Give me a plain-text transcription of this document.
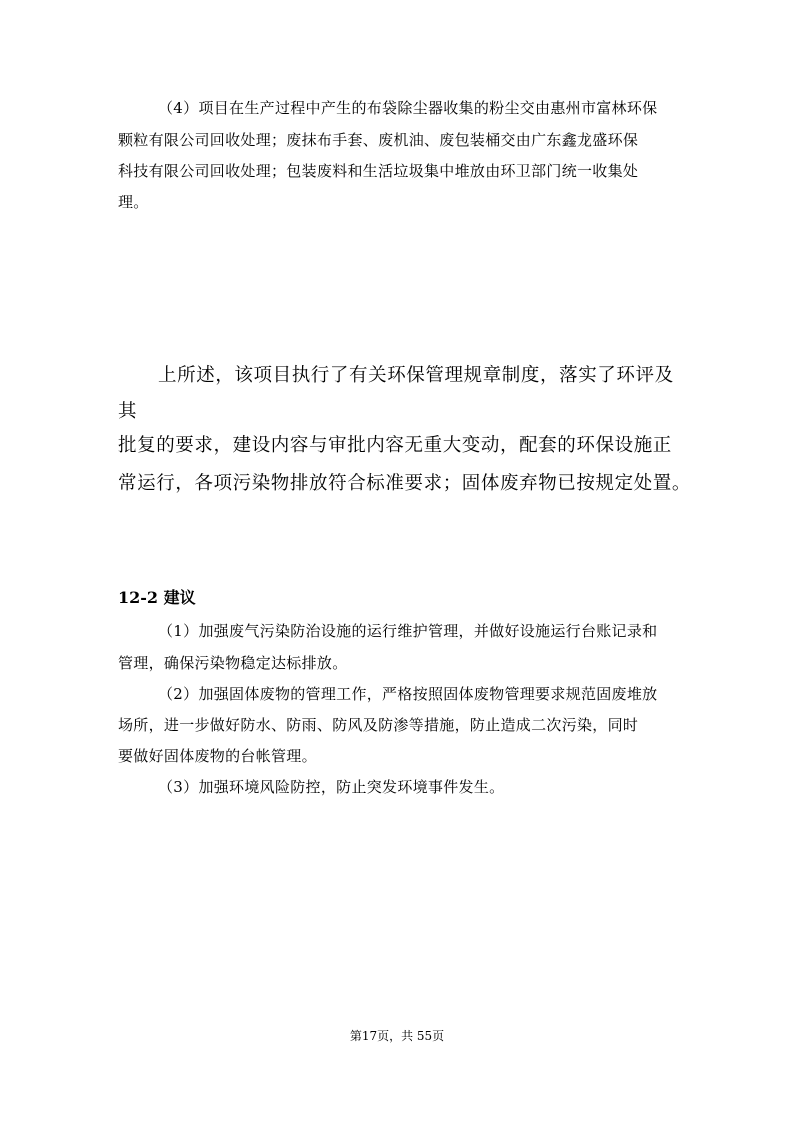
（4）项目在生产过程中产生的布袋除尘器收集的粉尘交由惠州市富林环保

颗粒有限公司回收处理；废抹布手套、废机油、废包装桶交由广东鑫龙盛环保

科技有限公司回收处理；包装废料和生活垃圾集中堆放由环卫部门统一收集处

理。

上所述，该项目执行了有关环保管理规章制度，落实了环评及

其

批复的要求，建设内容与审批内容无重大变动，配套的环保设施正

常运行，各项污染物排放符合标准要求；固体废弃物已按规定处置。

12-2 建议

（1）加强废气污染防治设施的运行维护管理，并做好设施运行台账记录和

管理，确保污染物稳定达标排放。

（2）加强固体废物的管理工作，严格按照固体废物管理要求规范固废堆放

场所，进一步做好防水、防雨、防风及防渗等措施，防止造成二次污染，同时

要做好固体废物的台帐管理。

（3）加强环境风险防控，防止突发环境事件发生。

第17页，共 55页
